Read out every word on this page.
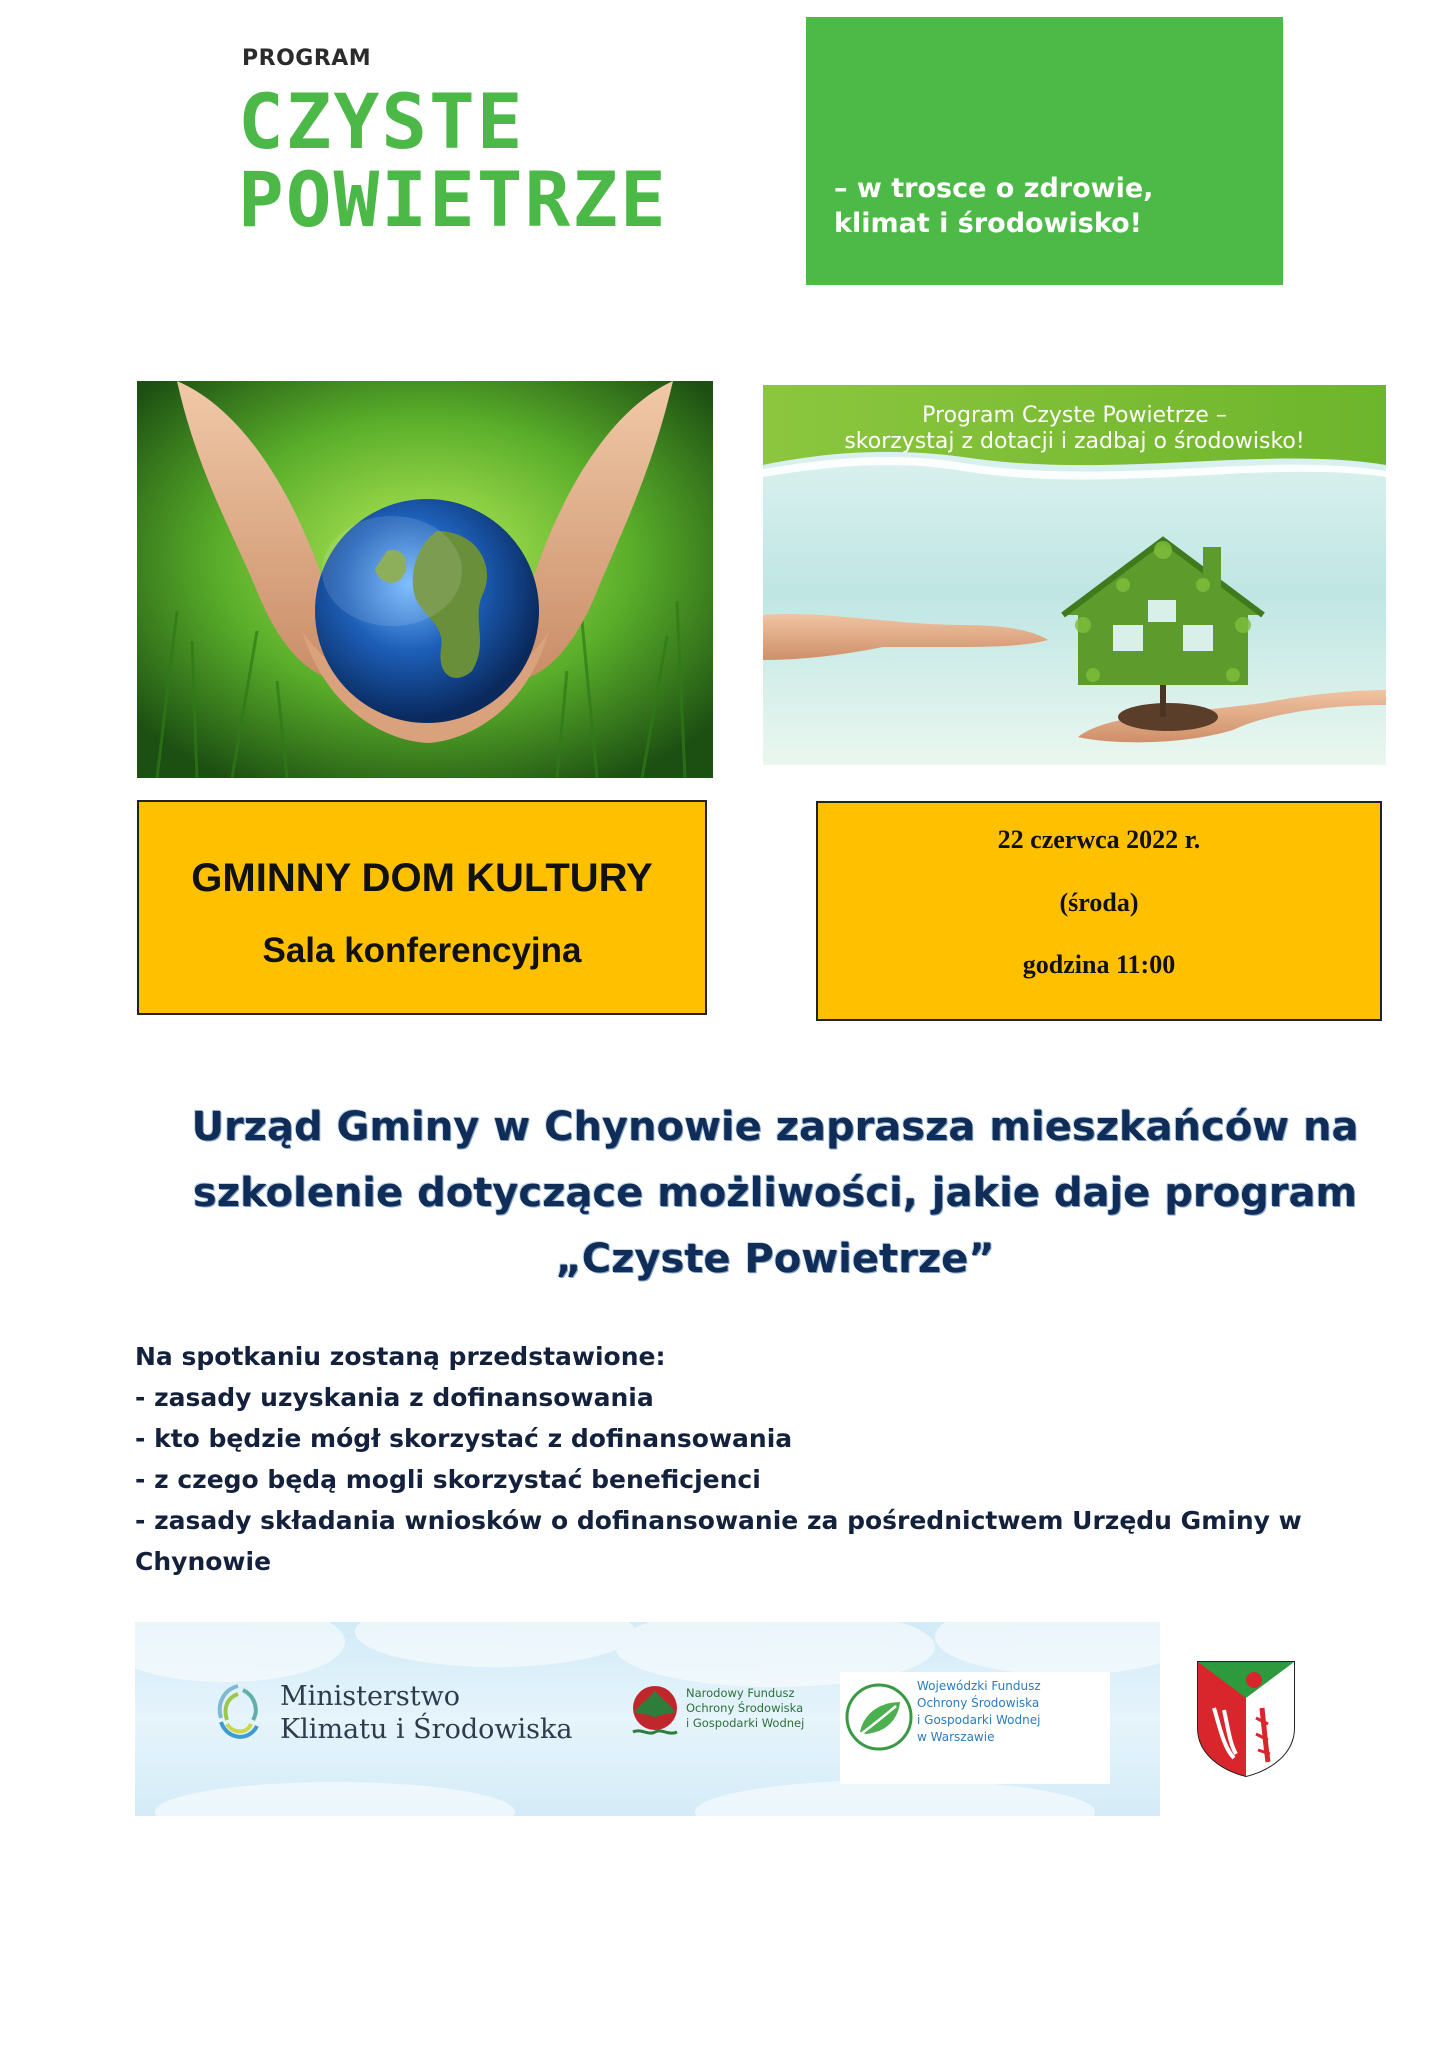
PROGRAM
CZYSTE
POWIETRZE	– w trosce o zdrowie,
klimat i środowisko!
Program Czyste Powietrze –
skorzystaj z dotacji i zadbaj o środowisko!
GMINNY DOM KULTURY
Sala konferencyjna
22 czerwca 2022 r.
(środa)
godzina 11:00
Urząd Gminy w Chynowie zaprasza mieszkańców na
szkolenie dotyczące możliwości, jakie daje program
„Czyste Powietrze”
Na spotkaniu zostaną przedstawione:
- zasady uzyskania z dofinansowania
- kto będzie mógł skorzystać z dofinansowania
- z czego będą mogli skorzystać beneficjenci
- zasady składania wniosków o dofinansowanie za pośrednictwem Urzędu Gminy w Chynowie
Ministerstwo
Klimatu i Środowiska
Narodowy Fundusz
Ochrony Środowiska
i Gospodarki Wodnej
Wojewódzki Fundusz
Ochrony Środowiska
i Gospodarki Wodnej
w Warszawie
